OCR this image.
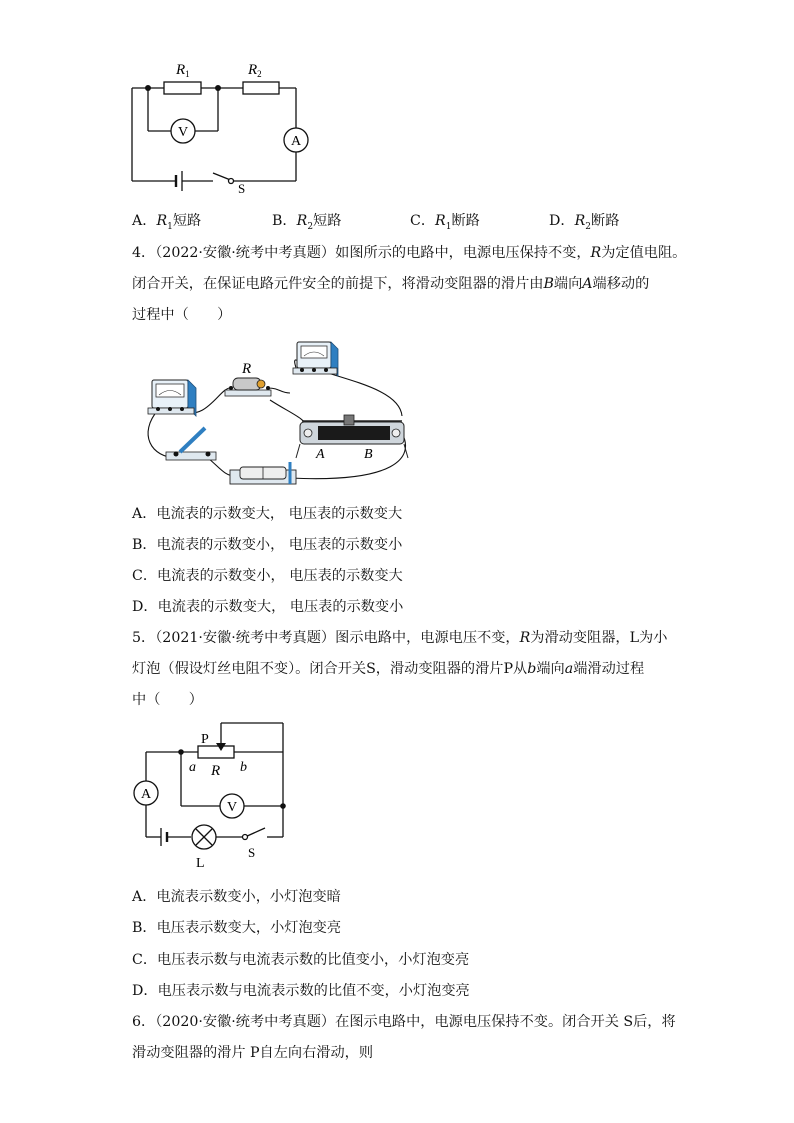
$R_1$	$R_2$
V
A
S
A．$R_1$短路	B．$R_2$短路	C．$R_1$断路	D．$R_2$断路
4．（2022·安徽·统考中考真题）如图所示的电路中，电源电压保持不变，R为定值电阻。
闭合开关，在保证电路元件安全的前提下，将滑动变阻器的滑片由B端向A端移动的
过程中（　　）
R
A	B
A．电流表的示数变大， 电压表的示数变大
B．电流表的示数变小， 电压表的示数变小
C．电流表的示数变小， 电压表的示数变大
D．电流表的示数变大， 电压表的示数变小
5．（2021·安徽·统考中考真题）图示电路中，电源电压不变，R为滑动变阻器，L为小
灯泡（假设灯丝电阻不变）。闭合开关S，滑动变阻器的滑片P从b端向a端滑动过程
中（　　）
P
a R b
A
V
L
S
A．电流表示数变小，小灯泡变暗
B．电压表示数变大，小灯泡变亮
C．电压表示数与电流表示数的比值变小，小灯泡变亮
D．电压表示数与电流表示数的比值不变，小灯泡变亮
6．（2020·安徽·统考中考真题）在图示电路中，电源电压保持不变。闭合开关 S后，将
滑动变阻器的滑片 P自左向右滑动，则
